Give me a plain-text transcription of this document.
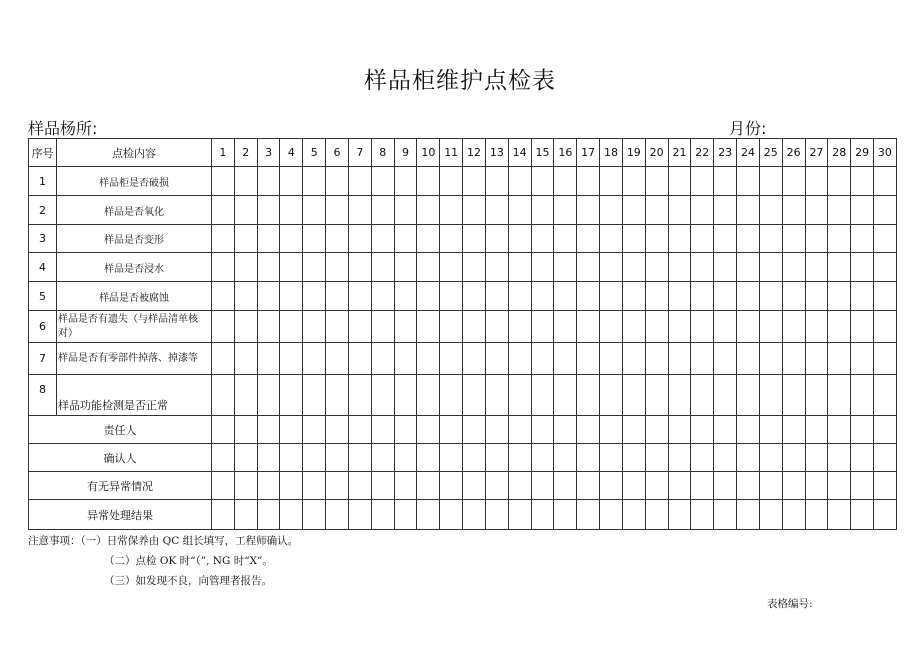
样品柜维护点检表
样品杨所:	月份:
序号	点检内容	1	2	3	4	5	6	7	8	9	10	11	12	13	14	15	16	17	18	19	20	21	22	23	24	25	26	27	28	29	30
1	样品柜是否破损																														
2	样品是否氧化																														
3	样品是否变形																														
4	样品是否浸水																														
5	样品是否被腐蚀																														
6	样品是否有遗失（与样品清单核对）																														
7	样品是否有零部件掉落、掉漆等																														
8	样品功能检测是否正常																														
责任人																															
确认人																															
有无异常情况																															
异常处理结果																															
注意事项：（一）日常保养由 QC 组长填写，工程师确认。
（二）点检 OK 时“（”, NG 时“X”。
（三）如发现不良，向管理者报告。
表格编号:
